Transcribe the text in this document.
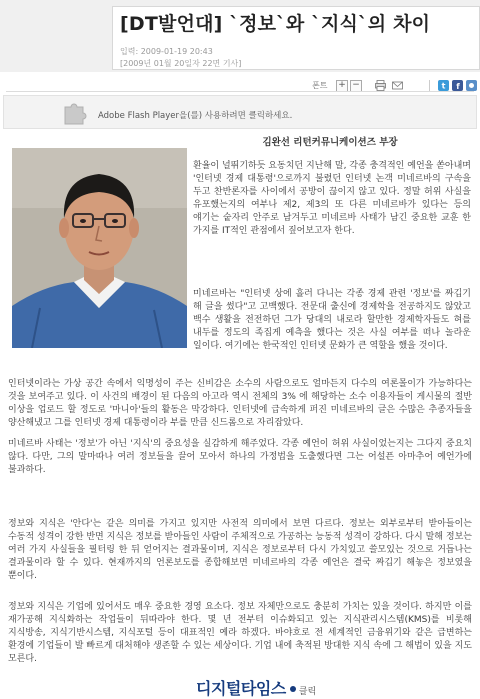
[DT발언대] `정보`와 `지식`의 차이
입력: 2009-01-19 20:43
[2009년 01월 20일자 22면 기사]
폰트 + −	t f
Adobe Flash Player을(를) 사용하려면 클릭하세요.
김완선 리턴커뮤니케이션즈 부장

환율이 널뛰기하듯 요동치던 지난해 말, 각종 충격적인 예언을 쏟아내며 '인터넷 경제 대통령'으로까지 불렸던 인터넷 논객 미네르바의 구속을 두고 찬반론자를 사이에서 공방이 끊이지 않고 있다. 정말 허위 사실을 유포했는지의 여부나 제2, 제3의 또 다른 미네르바가 있다는 등의 얘기는 숱자리 안주로 남겨두고 미네르바 사태가 남긴 중요한 교훈 한 가지를 IT적인 관점에서 짚어보고자 한다.

미네르바는 "인터넷 상에 흘러 다니는 각종 경제 관련 '정보'를 짜깁기 해 글을 썼다"고 고백했다. 전문대 출신에 경제학을 전공하지도 않았고 백수 생활을 전전하던 그가 당대의 내로라 할만한 경제학자들도 혀를 내두를 정도의 족집게 예측을 했다는 것은 사실 여부를 떠나 놀라운 일이다. 여기에는 한국적인 인터넷 문화가 큰 역할을 했을 것이다.

인터넷이라는 가상 공간 속에서 익명성이 주는 신비감은 소수의 사람으로도 얼마든지 다수의 여론몰이가 가능하다는 것을 보여주고 있다. 이 사건의 배경이 된 다음의 아고라 역시 전체의 3% 에 해당하는 소수 이용자들이 게시물의 절반 이상을 업로드 할 정도로 '마니아'들의 활동은 막강하다. 인터넷에 급속하게 퍼진 미네르바의 글은 수많은 추종자들을 양산해냈고 그를 인터넷 경제 대통령이라 부를 만큼 신드롬으로 자리잡았다.

미네르바 사태는 '정보'가 아닌 '지식'의 중요성을 실감하게 해주었다. 각종 예언이 허위 사실이었는지는 그다지 중요치 않다. 다만, 그의 말마따나 여러 정보들을 끌어 모아서 하나의 가정법을 도출했다면 그는 어설픈 아마추어 예언가에 불과하다.

정보와 지식은 '안다'는 같은 의미를 가지고 있지만 사전적 의미에서 보면 다르다. 정보는 외부로부터 받아들이는 수동적 성격이 강한 반면 지식은 정보를 받아들인 사람이 주체적으로 가공하는 능동적 성격이 강하다. 다시 말해 정보는 여러 가지 사실들을 필터링 한 뒤 얻어지는 결과물이며, 지식은 정보로부터 다시 가치있고 쓸모있는 것으로 거듭나는 결과물이라 할 수 있다. 현재까지의 언론보도를 종합해보면 미네르바의 각종 예언은 결국 짜깁기 해놓은 정보였을 뿐이다.

정보와 지식은 기업에 있어서도 매우 중요한 경영 요소다. 정보 자체만으로도 충분히 가치는 있을 것이다. 하지만 이를 재가공해 지식화하는 작업들이 뒤따라야 한다. 몇 년 전부터 이슈화되고 있는 지식관리시스템(KMS)를 비롯해 지식방송, 지식기반시스템, 지식포털 등이 대표적인 예라 하겠다. 바야흐로 전 세계적인 금융위기와 같은 급변하는 환경에 기업들이 발 빠르게 대처해야 생존할 수 있는 세상이다. 기업 내에 축적된 방대한 지식 속에 그 해법이 있을 지도 모른다.

디지털타임스 클릭
